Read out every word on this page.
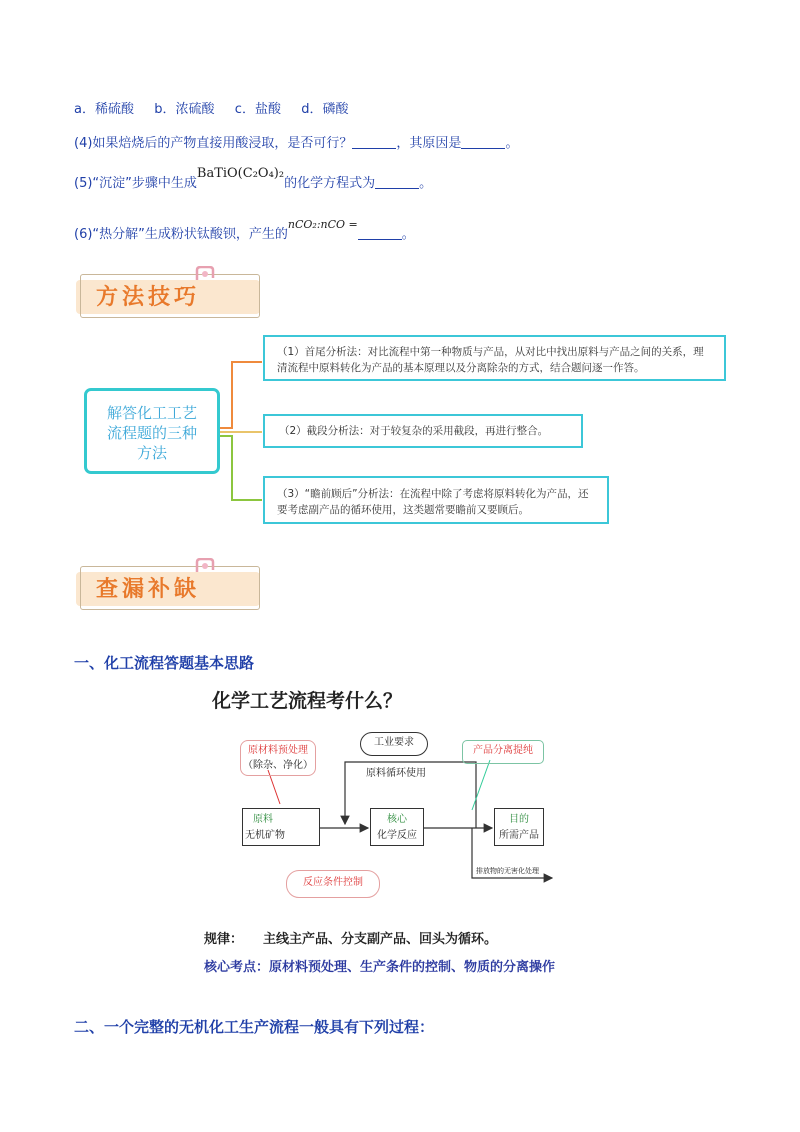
a．稀硫酸 b．浓硫酸 c．盐酸 d．磷酸
(4)如果焙烧后的产物直接用酸浸取，是否可行？	，其原因是	。
(5)“沉淀”步骤中生成BaTiO(C₂O₄)₂的化学方程式为	。
(6)“热分解”生成粉状钛酸钡，产生的$^{nCO_2:nCO =}$。
方法技巧
解答化工工艺
流程题的三种
方法
（1）首尾分析法：对比流程中第一种物质与产品，从对比中找出原料与产品之间的关系，理清流程中原料转化为产品的基本原理以及分离除杂的方式，结合题问逐一作答。
（2）截段分析法：对于较复杂的采用截段，再进行整合。
（3）“瞻前顾后”分析法：在流程中除了考虑将原料转化为产品，还要考虑副产品的循环使用，这类题常要瞻前又要顾后。
查漏补缺
一、化工流程答题基本思路
化学工艺流程考什么？
原材料预处理
（除杂、净化）
工业要求
原料循环使用
产品分离提纯
原料
无机矿物
核心
化学反应
目的
所需产品
排放物的无害化处理
反应条件控制
规律： 主线主产品、分支副产品、回头为循环。
核心考点：原材料预处理、生产条件的控制、物质的分离操作
二、一个完整的无机化工生产流程一般具有下列过程：
